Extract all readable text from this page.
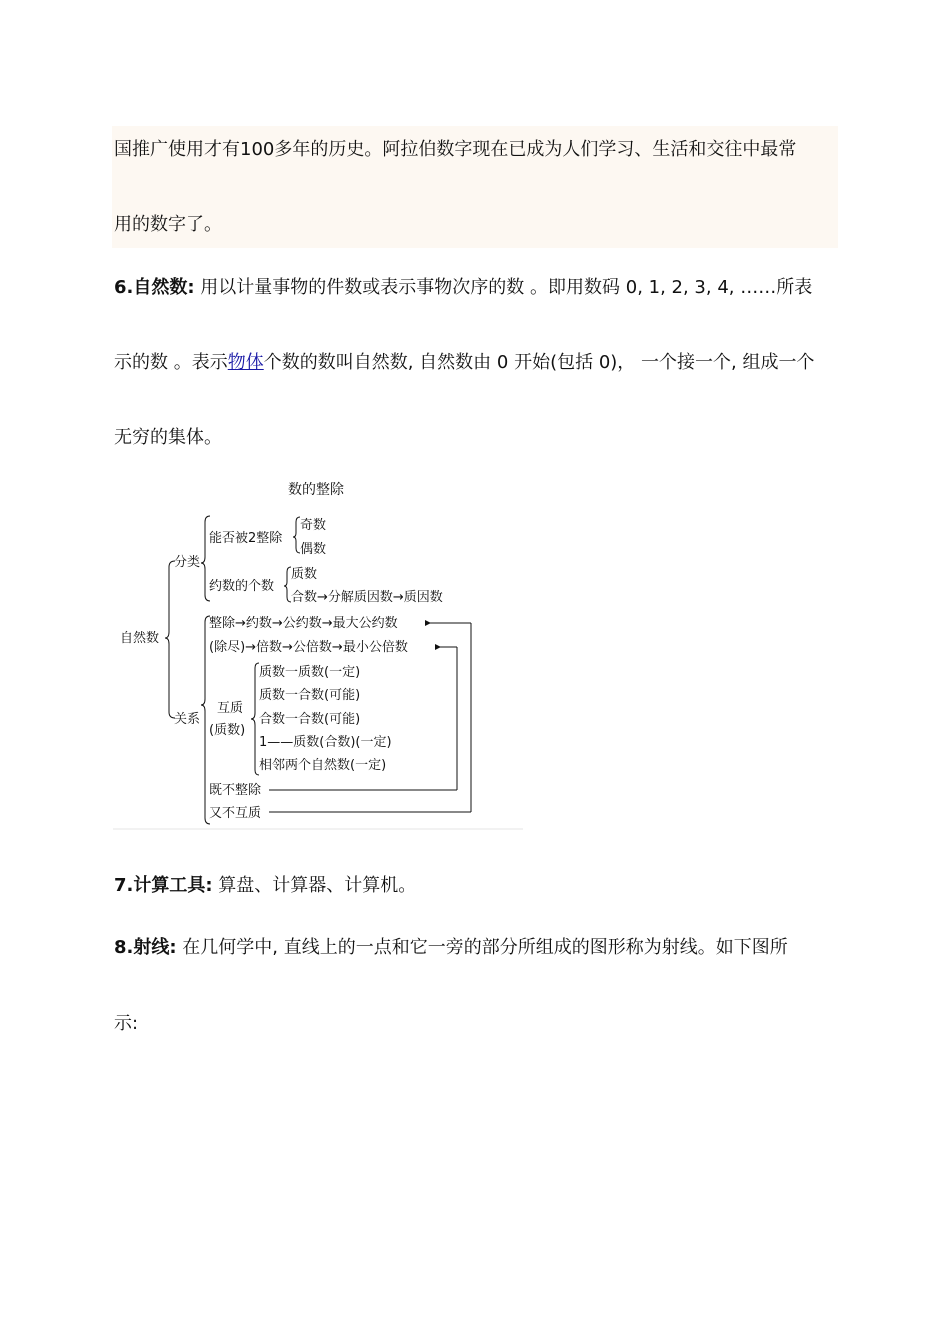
国推广使用才有100多年的历史。阿拉伯数字现在已成为人们学习、生活和交往中最常
用的数字了。
6.自然数: 用以计量事物的件数或表示事物次序的数 。即用数码 0, 1, 2, 3, 4, ……所表
示的数 。表示物体个数的数叫自然数, 自然数由 0 开始(包括 0)， 一个接一个, 组成一个
无穷的集体。
数的整除
自然数
分类
关系
能否被2整除
奇数
偶数
约数的个数
质数
合数→分解质因数→质因数
整除→约数→公约数→最大公约数
(除尽)→倍数→公倍数→最小公倍数
互质
(质数)
质数一质数(一定)
质数一合数(可能)
合数一合数(可能)
1——质数(合数)(一定)
相邻两个自然数(一定)
既不整除
又不互质
7.计算工具: 算盘、计算器、计算机。
8.射线: 在几何学中, 直线上的一点和它一旁的部分所组成的图形称为射线。如下图所
示:
